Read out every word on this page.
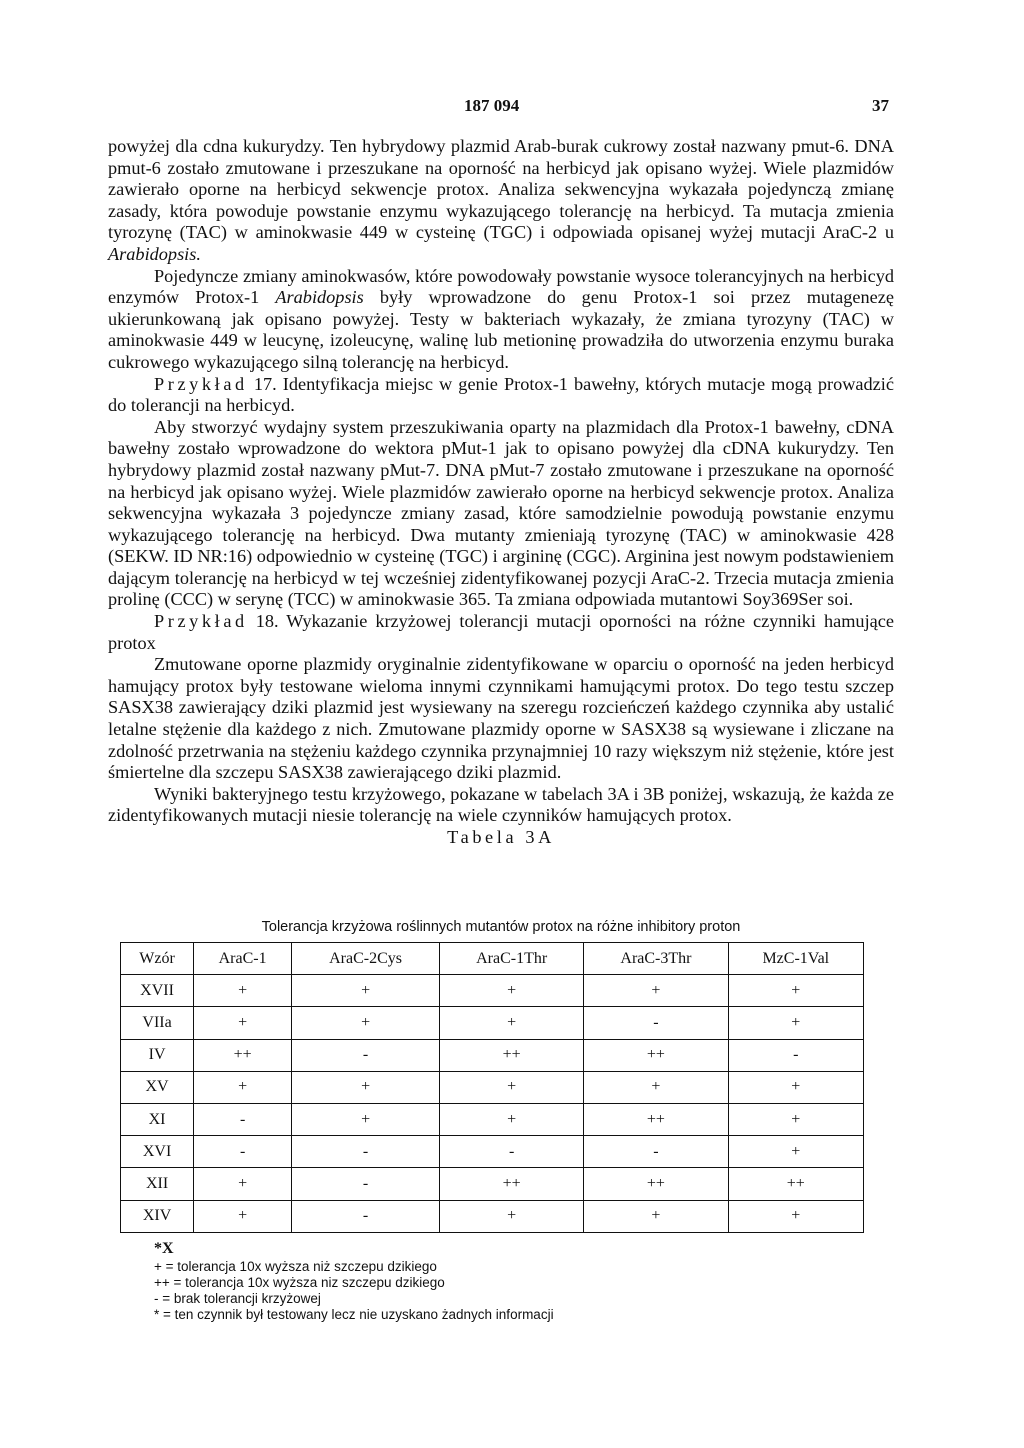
187 094	37

powyżej dla cdna kukurydzy. Ten hybrydowy plazmid Arab-burak cukrowy został nazwany pmut-6. DNA pmut-6 zostało zmutowane i przeszukane na oporność na herbicyd jak opisano wyżej. Wiele plazmidów zawierało oporne na herbicyd sekwencje protox. Analiza sekwencyjna wykazała pojedynczą zmianę zasady, która powoduje powstanie enzymu wykazującego tolerancję na herbicyd. Ta mutacja zmienia tyrozynę (TAC) w aminokwasie 449 w cysteinę (TGC) i odpowiada opisanej wyżej mutacji AraC-2 u Arabidopsis.

Pojedyncze zmiany aminokwasów, które powodowały powstanie wysoce tolerancyjnych na herbicyd enzymów Protox-1 Arabidopsis były wprowadzone do genu Protox-1 soi przez mutagenezę ukierunkowaną jak opisano powyżej. Testy w bakteriach wykazały, że zmiana tyrozyny (TAC) w aminokwasie 449 w leucynę, izoleucynę, walinę lub metioninę prowadziła do utworzenia enzymu buraka cukrowego wykazującego silną tolerancję na herbicyd.

Przykład 17. Identyfikacja miejsc w genie Protox-1 bawełny, których mutacje mogą prowadzić do tolerancji na herbicyd.

Aby stworzyć wydajny system przeszukiwania oparty na plazmidach dla Protox-1 bawełny, cDNA bawełny zostało wprowadzone do wektora pMut-1 jak to opisano powyżej dla cDNA kukurydzy. Ten hybrydowy plazmid został nazwany pMut-7. DNA pMut-7 zostało zmutowane i przeszukane na oporność na herbicyd jak opisano wyżej. Wiele plazmidów zawierało oporne na herbicyd sekwencje protox. Analiza sekwencyjna wykazała 3 pojedyncze zmiany zasad, które samodzielnie powodują powstanie enzymu wykazującego tolerancję na herbicyd. Dwa mutanty zmieniają tyrozynę (TAC) w aminokwasie 428 (SEKW. ID NR:16) odpowiednio w cysteinę (TGC) i argininę (CGC). Arginina jest nowym podstawieniem dającym tolerancję na herbicyd w tej wcześniej zidentyfikowanej pozycji AraC-2. Trzecia mutacja zmienia prolinę (CCC) w serynę (TCC) w aminokwasie 365. Ta zmiana odpowiada mutantowi Soy369Ser soi.

Przykład 18. Wykazanie krzyżowej tolerancji mutacji oporności na różne czynniki hamujące protox

Zmutowane oporne plazmidy oryginalnie zidentyfikowane w oparciu o oporność na jeden herbicyd hamujący protox były testowane wieloma innymi czynnikami hamującymi protox. Do tego testu szczep SASX38 zawierający dziki plazmid jest wysiewany na szeregu rozcieńczeń każdego czynnika aby ustalić letalne stężenie dla każdego z nich. Zmutowane plazmidy oporne w SASX38 są wysiewane i zliczane na zdolność przetrwania na stężeniu każdego czynnika przynajmniej 10 razy większym niż stężenie, które jest śmiertelne dla szczepu SASX38 zawierającego dziki plazmid.

Wyniki bakteryjnego testu krzyżowego, pokazane w tabelach 3A i 3B poniżej, wskazują, że każda ze zidentyfikowanych mutacji niesie tolerancję na wiele czynników hamujących protox.

Tabela 3A

Tolerancja krzyżowa roślinnych mutantów protox na różne inhibitory proton
Wzór	AraC-1	AraC-2Cys	AraC-1Thr	AraC-3Thr	MzC-1Val
XVII	+	+	+	+	+
VIIa	+	+	+	-	+
IV	++	-	++	++	-
XV	+	+	+	+	+
XI	-	+	+	++	+
XVI	-	-	-	-	+
XII	+	-	++	++	++
XIV	+	-	+	+	+
*X
+ = tolerancja 10x wyższa niż szczepu dzikiego
++ = tolerancja 10x wyższa niz szczepu dzikiego
- = brak tolerancji krzyżowej
* = ten czynnik był testowany lecz nie uzyskano żadnych informacji
